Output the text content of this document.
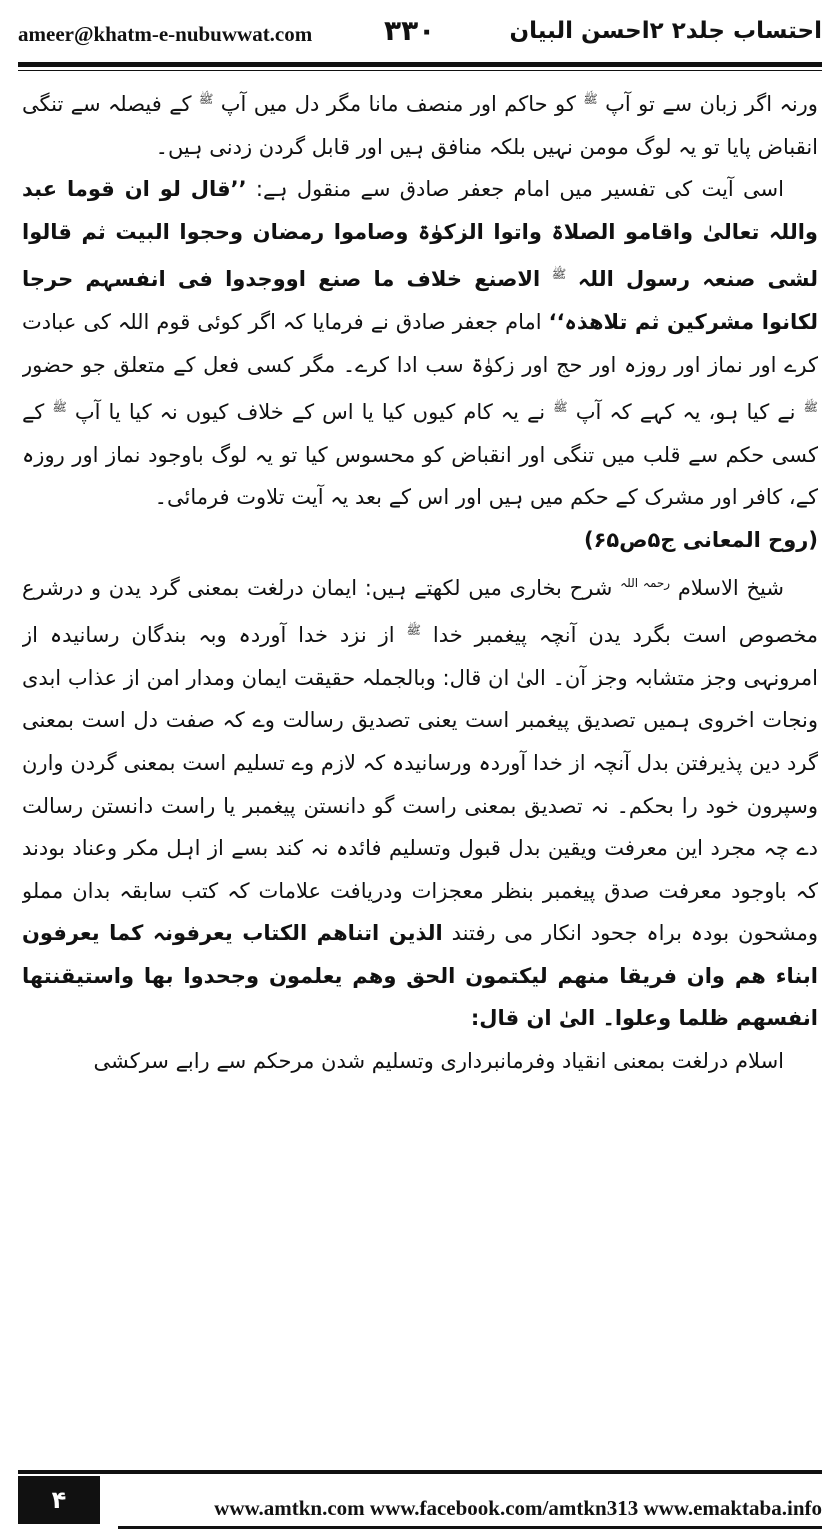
ameer@khatm-e-nubuwwat.com	۳۳۰	احتساب جلد۲ ۲احسن البیان

ورنہ اگر زبان سے تو آپ $^ﷺ$ کو حاکم اور منصف مانا مگر دل میں آپ $^ﷺ$ کے فیصلہ سے تنگی انقباض پایا تو یہ لوگ مومن نہیں بلکہ منافق ہیں اور قابل گردن زدنی ہیں۔

اسی آیت کی تفسیر میں امام جعفر صادق سے منقول ہے: ’’قال لو ان قوما عبد واللہ تعالیٰ واقامو الصلاۃ واتوا الزکوٰۃ وصاموا رمضان وحجوا البیت ثم قالوا لشی صنعہ رسول اللہ $^ﷺ$ الاصنع خلاف ما صنع اووجدوا فی انفسہم حرجا لکانوا مشرکین ثم تلاھذہ‘‘ امام جعفر صادق نے فرمایا کہ اگر کوئی قوم اللہ کی عبادت کرے اور نماز اور روزہ اور حج اور زکوٰۃ سب ادا کرے۔ مگر کسی فعل کے متعلق جو حضور $^ﷺ$ نے کیا ہو، یہ کہے کہ آپ $^ﷺ$ نے یہ کام کیوں کیا یا اس کے خلاف کیوں نہ کیا یا آپ $^ﷺ$ کے کسی حکم سے قلب میں تنگی اور انقباض کو محسوس کیا تو یہ لوگ باوجود نماز اور روزہ کے، کافر اور مشرک کے حکم میں ہیں اور اس کے بعد یہ آیت تلاوت فرمائی۔

(روح المعانی ج۵ص۶۵)

شیخ الاسلام $^{رحمہ اللہ}$ شرح بخاری میں لکھتے ہیں: ایمان درلغت بمعنی گرد یدن و درشرع مخصوص است بگرد یدن آنچہ پیغمبر خدا $^ﷺ$ از نزد خدا آوردہ وبہ بندگان رسانیدہ از امرونہی وجز متشابہ وجز آن۔ الیٰ ان قال: وبالجملہ حقیقت ایمان ومدار امن از عذاب ابدی ونجات اخروی ہمیں تصدیق پیغمبر است یعنی تصدیق رسالت وے کہ صفت دل است بمعنی گرد دین پذیرفتن بدل آنچہ از خدا آوردہ ورسانیدہ کہ لازم وے تسلیم است بمعنی گردن وارن وسپرون خود را بحکم۔ نہ تصدیق بمعنی راست گو دانستن پیغمبر یا راست دانستن رسالت دے چہ مجرد این معرفت ویقین بدل قبول وتسلیم فائدہ نہ کند بسے از اہل مکر وعناد بودند کہ باوجود معرفت صدق پیغمبر بنظر معجزات ودریافت علامات کہ کتب سابقہ بدان مملو ومشحون بودہ براہ جحود انکار می رفتند الذین اتناھم الکتاب یعرفونہ کما یعرفون ابناء ھم وان فریقا منھم لیکتمون الحق وھم یعلمون وجحدوا بھا واستیقنتھا انفسھم ظلما وعلوا۔ الیٰ ان قال:

اسلام درلغت بمعنی انقیاد وفرمانبرداری وتسلیم شدن مرحکم سے رابے سرکشی

۴	www.amtkn.com www.facebook.com/amtkn313 www.emaktaba.info
